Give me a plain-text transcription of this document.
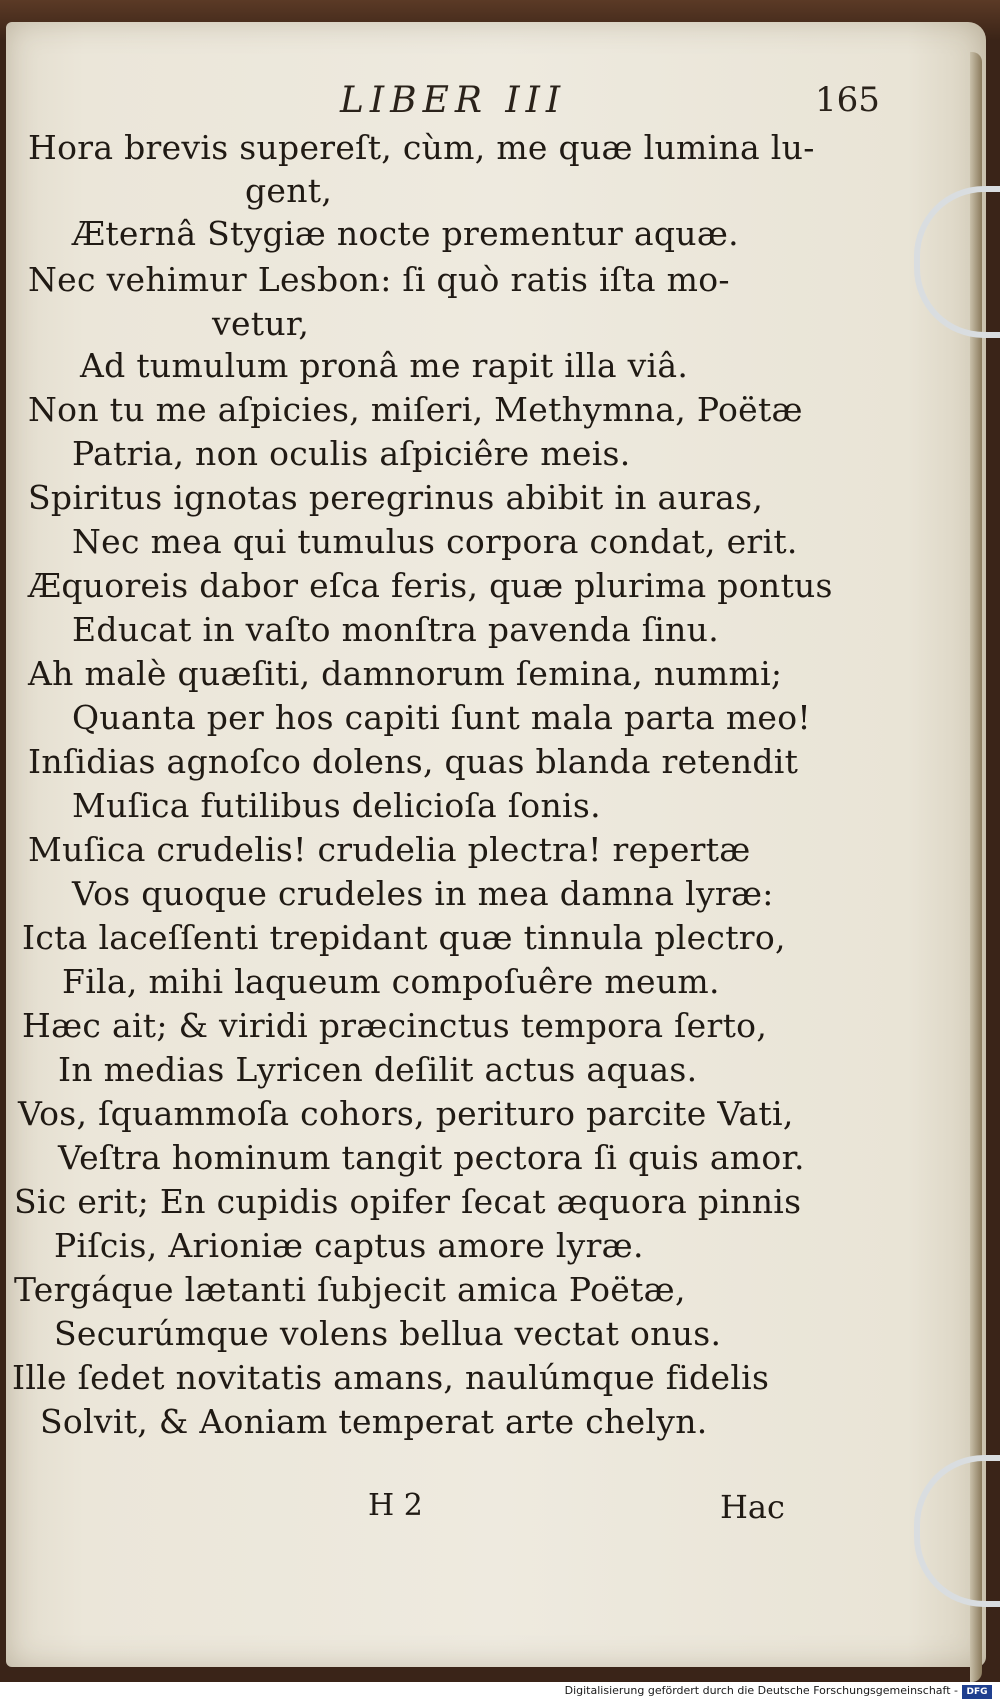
LIBER III	165
Hora brevis supereſt, cùm, me quæ lumina lu-
gent,
Æternâ Stygiæ nocte prementur aquæ.
Nec vehimur Lesbon: ſi quò ratis iſta mo-
vetur,
Ad tumulum pronâ me rapit illa viâ.
Non tu me aſpicies, miſeri, Methymna, Poëtæ
Patria, non oculis aſpiciêre meis.
Spiritus ignotas peregrinus abibit in auras,
Nec mea qui tumulus corpora condat, erit.
Æquoreis dabor eſca feris, quæ plurima pontus
Educat in vaſto monſtra pavenda ſinu.
Ah malè quæſiti, damnorum ſemina, nummi;
Quanta per hos capiti ſunt mala parta meo!
Inſidias agnoſco dolens, quas blanda retendit
Muſica futilibus delicioſa ſonis.
Muſica crudelis! crudelia plectra! repertæ
Vos quoque crudeles in mea damna lyræ:
Icta laceſſenti trepidant quæ tinnula plectro,
Fila, mihi laqueum compoſuêre meum.
Hæc ait; & viridi præcinctus tempora ſerto,
In medias Lyricen deſilit actus aquas.
Vos, ſquammoſa cohors, perituro parcite Vati,
Veſtra hominum tangit pectora ſi quis amor.
Sic erit; En cupidis opifer ſecat æquora pinnis
Piſcis, Arioniæ captus amore lyræ.
Tergáque lætanti ſubjecit amica Poëtæ,
Securúmque volens bellua vectat onus.
Ille ſedet novitatis amans, naulúmque fidelis
Solvit, & Aoniam temperat arte chelyn.
H 2	Hac
Digitalisierung gefördert durch die Deutsche Forschungsgemeinschaft - DFG
